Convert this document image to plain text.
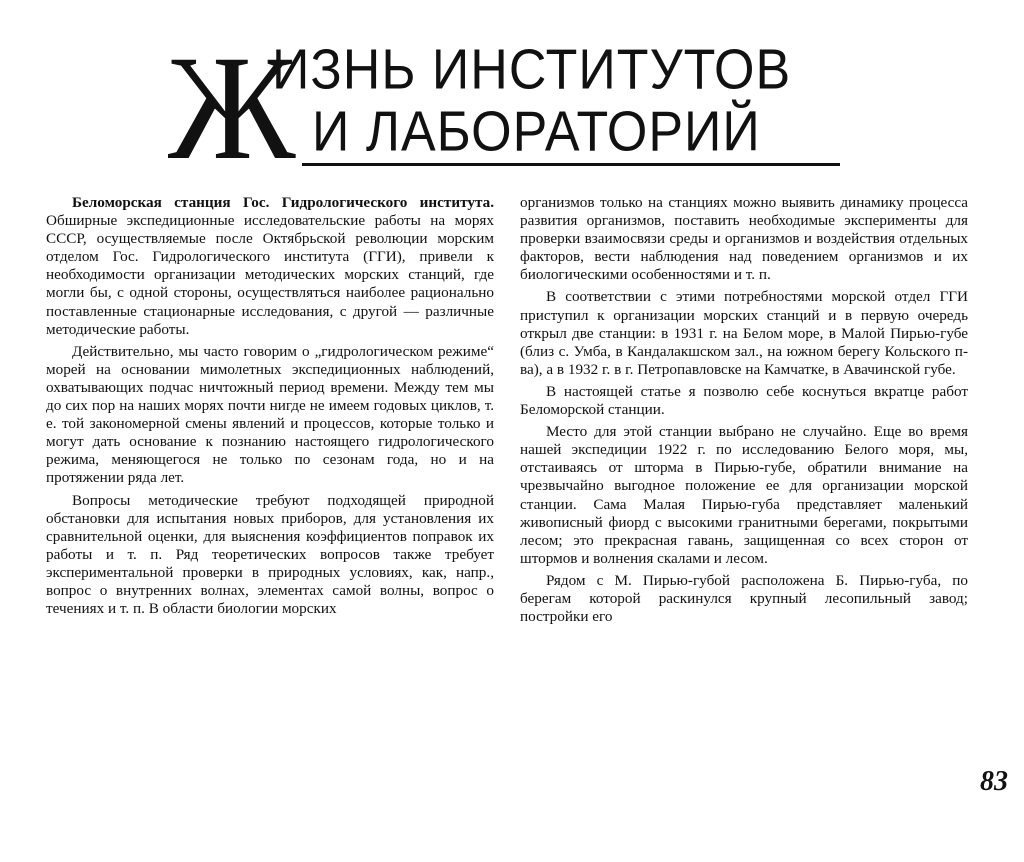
Ж
ИЗНЬ ИНСТИТУТОВ
И ЛАБОРАТОРИЙ

Беломорская станция Гос. Гидрологического института. Обширные экспедиционные исследовательские работы на морях СССР, осуществляемые после Октябрьской революции морским отделом Гос. Гидрологического института (ГГИ), привели к необходимости организации методических морских станций, где могли бы, с одной стороны, осуществляться наиболее рационально поставленные стационарные исследования, с другой — различные методические работы.

Действительно, мы часто говорим о „гидрологическом режиме“ морей на основании мимолетных экспедиционных наблюдений, охватывающих подчас ничтожный период времени. Между тем мы до сих пор на наших морях почти нигде не имеем годовых циклов, т. е. той закономерной смены явлений и процессов, которые только и могут дать основание к познанию настоящего гидрологического режима, меняющегося не только по сезонам года, но и на протяжении ряда лет.

Вопросы методические требуют подходящей природной обстановки для испытания новых приборов, для установления их сравнительной оценки, для выяснения коэффициентов поправок их работы и т. п. Ряд теоретических вопросов также требует экспериментальной проверки в природных условиях, как, напр., вопрос о внутренних волнах, элементах самой волны, вопрос о течениях и т. п. В области биологии морских

организмов только на станциях можно выявить динамику процесса развития организмов, поставить необходимые эксперименты для проверки взаимосвязи среды и организмов и воздействия отдельных факторов, вести наблюдения над поведением организмов и их биологическими особенностями и т. п.

В соответствии с этими потребностями морской отдел ГГИ приступил к организации морских станций и в первую очередь открыл две станции: в 1931 г. на Белом море, в Малой Пирью-губе (близ с. Умба, в Кандалакшском зал., на южном берегу Кольского п-ва), а в 1932 г. в г. Петропавловске на Камчатке, в Авачинской губе.

В настоящей статье я позволю себе коснуться вкратце работ Беломорской станции.

Место для этой станции выбрано не случайно. Еще во время нашей экспедиции 1922 г. по исследованию Белого моря, мы, отстаиваясь от шторма в Пирью-губе, обратили внимание на чрезвычайно выгодное положение ее для организации морской станции. Сама Малая Пирью-губа представляет маленький живописный фиорд с высокими гранитными берегами, покрытыми лесом; это прекрасная гавань, защищенная со всех сторон от штормов и волнения скалами и лесом.

Рядом с М. Пирью-губой расположена Б. Пирью-губа, по берегам которой раскинулся крупный лесопильный завод; постройки его

83
